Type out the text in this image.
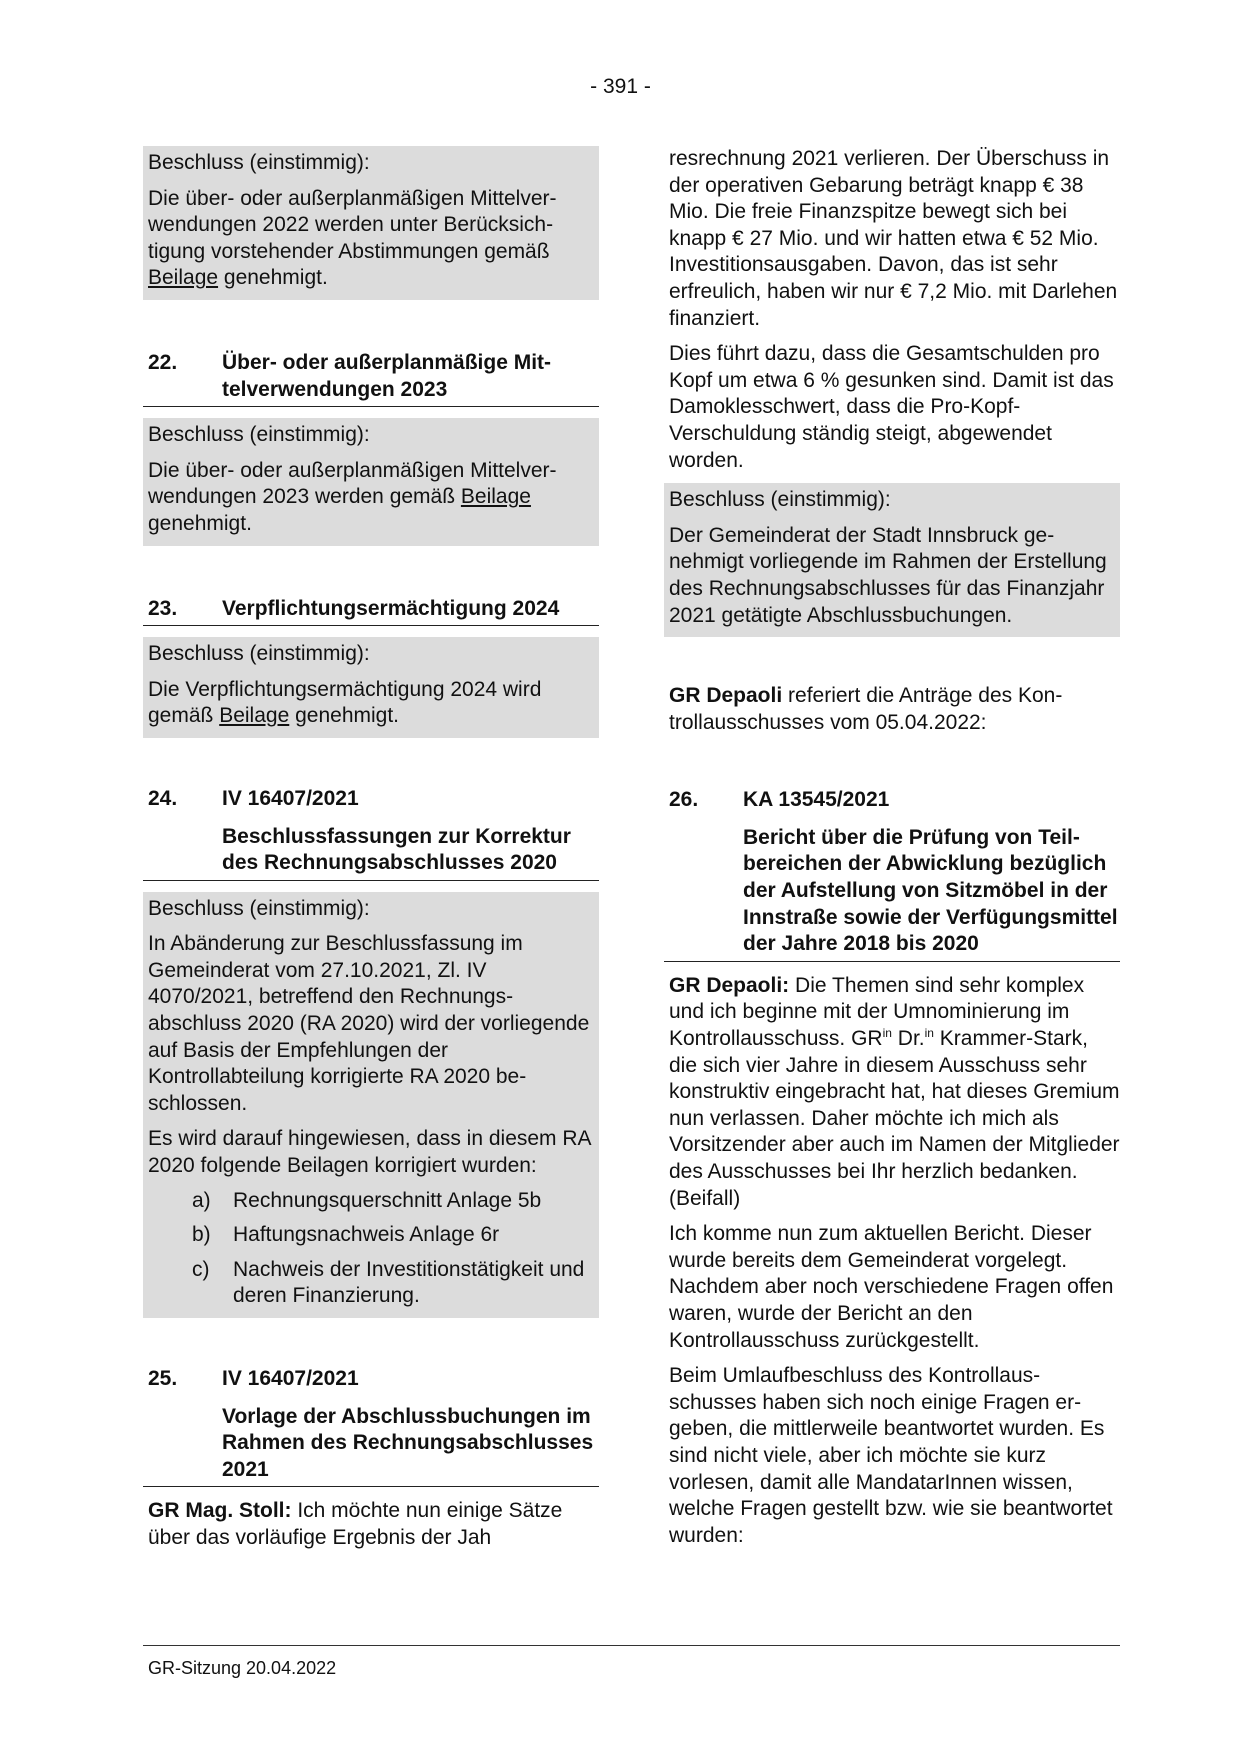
- 391 -

Beschluss (einstimmig):

Die über- oder außerplanmäßigen Mittelverwendungen 2022 werden unter Berücksichtigung vorstehender Abstimmungen gemäß Beilage genehmigt.

22.	Über- oder außerplanmäßige Mittelverwendungen 2023

Beschluss (einstimmig):

Die über- oder außerplanmäßigen Mittelverwendungen 2023 werden gemäß Beilage genehmigt.

23.	Verpflichtungsermächtigung 2024

Beschluss (einstimmig):

Die Verpflichtungsermächtigung 2024 wird gemäß Beilage genehmigt.

24.	IV 16407/2021
Beschlussfassungen zur Korrektur des Rechnungsabschlusses 2020

Beschluss (einstimmig):

In Abänderung zur Beschlussfassung im Gemeinderat vom 27.10.2021, Zl. IV 4070/2021, betreffend den Rechnungsabschluss 2020 (RA 2020) wird der vorliegende auf Basis der Empfehlungen der Kontrollabteilung korrigierte RA 2020 beschlossen.

Es wird darauf hingewiesen, dass in diesem RA 2020 folgende Beilagen korrigiert wurden:

a)	Rechnungsquerschnitt Anlage 5b
b)	Haftungsnachweis Anlage 6r
c)	Nachweis der Investitionstätigkeit und deren Finanzierung.
25.	IV 16407/2021
Vorlage der Abschlussbuchungen im Rahmen des Rechnungsabschlusses 2021

GR Mag. Stoll: Ich möchte nun einige Sätze über das vorläufige Ergebnis der Jah

resrechnung 2021 verlieren. Der Überschuss in der operativen Gebarung beträgt knapp € 38 Mio. Die freie Finanzspitze bewegt sich bei knapp € 27 Mio. und wir hatten etwa € 52 Mio. Investitionsausgaben. Davon, das ist sehr erfreulich, haben wir nur € 7,2 Mio. mit Darlehen finanziert.

Dies führt dazu, dass die Gesamtschulden pro Kopf um etwa 6 % gesunken sind. Damit ist das Damoklesschwert, dass die Pro-Kopf-Verschuldung ständig steigt, abgewendet worden.

Beschluss (einstimmig):

Der Gemeinderat der Stadt Innsbruck genehmigt vorliegende im Rahmen der Erstellung des Rechnungsabschlusses für das Finanzjahr 2021 getätigte Abschlussbuchungen.

GR Depaoli referiert die Anträge des Kontrollausschusses vom 05.04.2022:

26.	KA 13545/2021
Bericht über die Prüfung von Teilbereichen der Abwicklung bezüglich der Aufstellung von Sitzmöbel in der Innstraße sowie der Verfügungsmittel der Jahre 2018 bis 2020

GR Depaoli: Die Themen sind sehr komplex und ich beginne mit der Umnominierung im Kontrollausschuss. $GR^{in}$ Dr.$^{in}$ Krammer-Stark, die sich vier Jahre in diesem Ausschuss sehr konstruktiv eingebracht hat, hat dieses Gremium nun verlassen. Daher möchte ich mich als Vorsitzender aber auch im Namen der Mitglieder des Ausschusses bei Ihr herzlich bedanken. (Beifall)

Ich komme nun zum aktuellen Bericht. Dieser wurde bereits dem Gemeinderat vorgelegt. Nachdem aber noch verschiedene Fragen offen waren, wurde der Bericht an den Kontrollausschuss zurückgestellt.

Beim Umlaufbeschluss des Kontrollausschusses haben sich noch einige Fragen ergeben, die mittlerweile beantwortet wurden. Es sind nicht viele, aber ich möchte sie kurz vorlesen, damit alle MandatarInnen wissen, welche Fragen gestellt bzw. wie sie beantwortet wurden:

GR-Sitzung 20.04.2022
